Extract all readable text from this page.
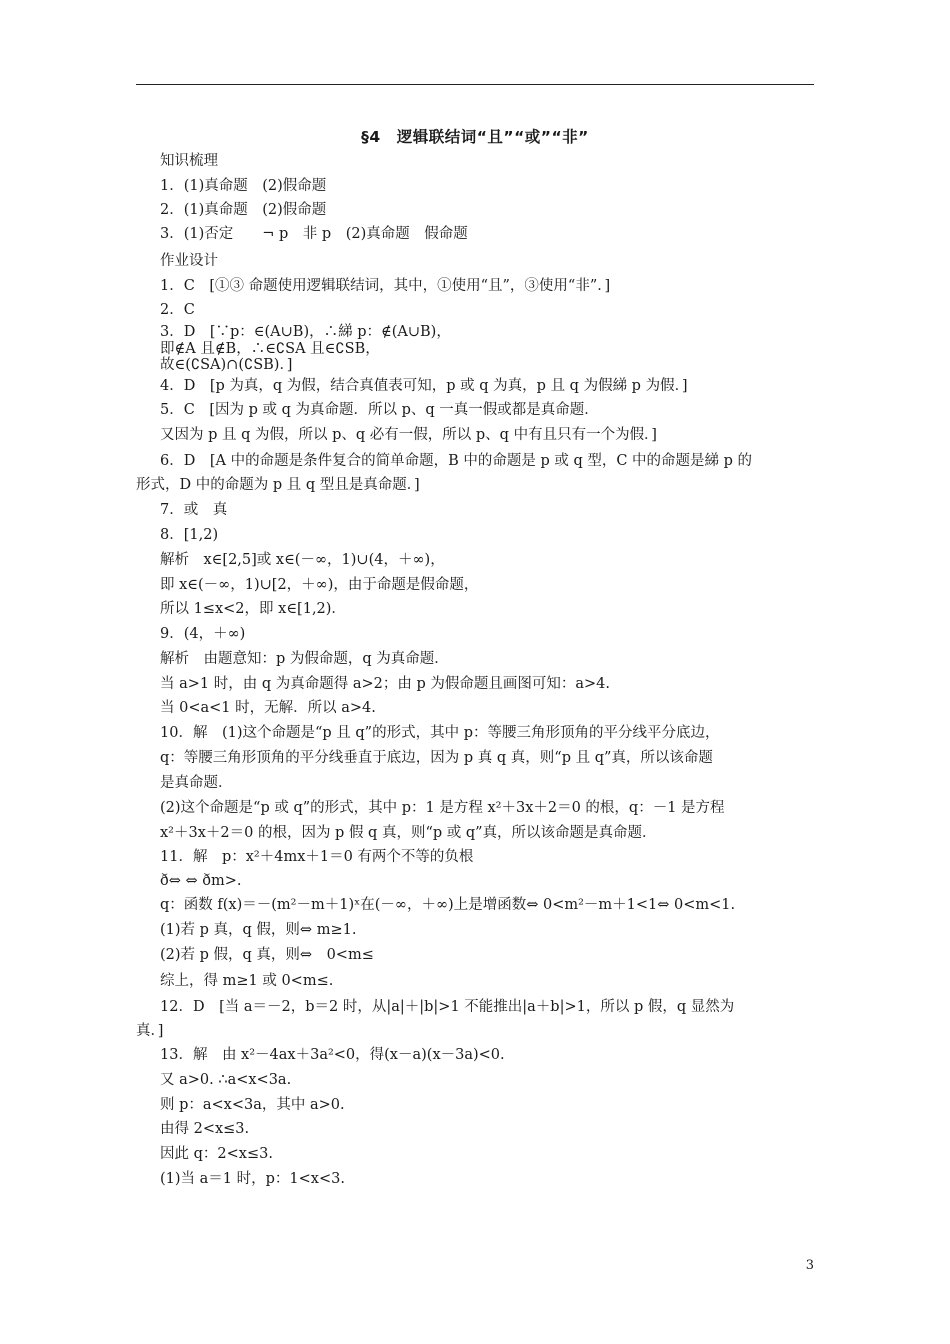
§4　逻辑联结词“且”“或”“非”
知识梳理
1．(1)真命题　(2)假命题
2．(1)真命题　(2)假命题
3．(1)否定　　¬ p　非 p　(2)真命题　假命题
作业设计
1．C　[①③ 命题使用逻辑联结词，其中，①使用“且”，③使用“非”．]
2．C
3．D　[∵p：∈(A∪B)，∴綈 p：∉(A∪B)，
即∉A 且∉B，∴∈∁SA 且∈∁SB，
故∈(∁SA)∩(∁SB)．]
4．D　[p 为真，q 为假，结合真值表可知，p 或 q 为真，p 且 q 为假綈 p 为假．]
5．C　[因为 p 或 q 为真命题．所以 p、q 一真一假或都是真命题．
又因为 p 且 q 为假，所以 p、q 必有一假，所以 p、q 中有且只有一个为假．]
6．D　[A 中的命题是条件复合的简单命题，B 中的命题是 p 或 q 型，C 中的命题是綈 p 的
形式，D 中的命题为 p 且 q 型且是真命题．]
7．或　真
8．[1,2)
解析　x∈[2,5]或 x∈(－∞，1)∪(4，＋∞)，
即 x∈(－∞，1)∪[2，＋∞)，由于命题是假命题，
所以 1≤x<2，即 x∈[1,2)．
9．(4，＋∞)
解析　由题意知：p 为假命题，q 为真命题．
当 a>1 时，由 q 为真命题得 a>2；由 p 为假命题且画图可知：a>4.
当 0<a<1 时，无解．所以 a>4.
10．解　(1)这个命题是“p 且 q”的形式，其中 p：等腰三角形顶角的平分线平分底边，
q：等腰三角形顶角的平分线垂直于底边，因为 p 真 q 真，则“p 且 q”真，所以该命题
是真命题．
(2)这个命题是“p 或 q”的形式，其中 p：1 是方程 x²＋3x＋2＝0 的根，q：－1 是方程
x²＋3x＋2＝0 的根，因为 p 假 q 真，则“p 或 q”真，所以该命题是真命题．
11．解　p：x²＋4mx＋1＝0 有两个不等的负根
ð⇔ ⇔ ðm>.
q：函数 f(x)＝－(m²－m＋1)ˣ在(－∞，＋∞)上是增函数⇔ 0<m²－m＋1<1⇔ 0<m<1.
(1)若 p 真，q 假，则⇔ m≥1.
(2)若 p 假，q 真，则⇔　0<m≤
综上，得 m≥1 或 0<m≤.
12．D　[当 a＝－2，b＝2 时，从|a|＋|b|>1 不能推出|a＋b|>1，所以 p 假，q 显然为
真．]
13．解　由 x²－4ax＋3a²<0，得(x－a)(x－3a)<0.
又 a>0. ∴a<x<3a.
则 p：a<x<3a，其中 a>0.
由得 2<x≤3.
因此 q：2<x≤3.
(1)当 a＝1 时，p：1<x<3.
3
